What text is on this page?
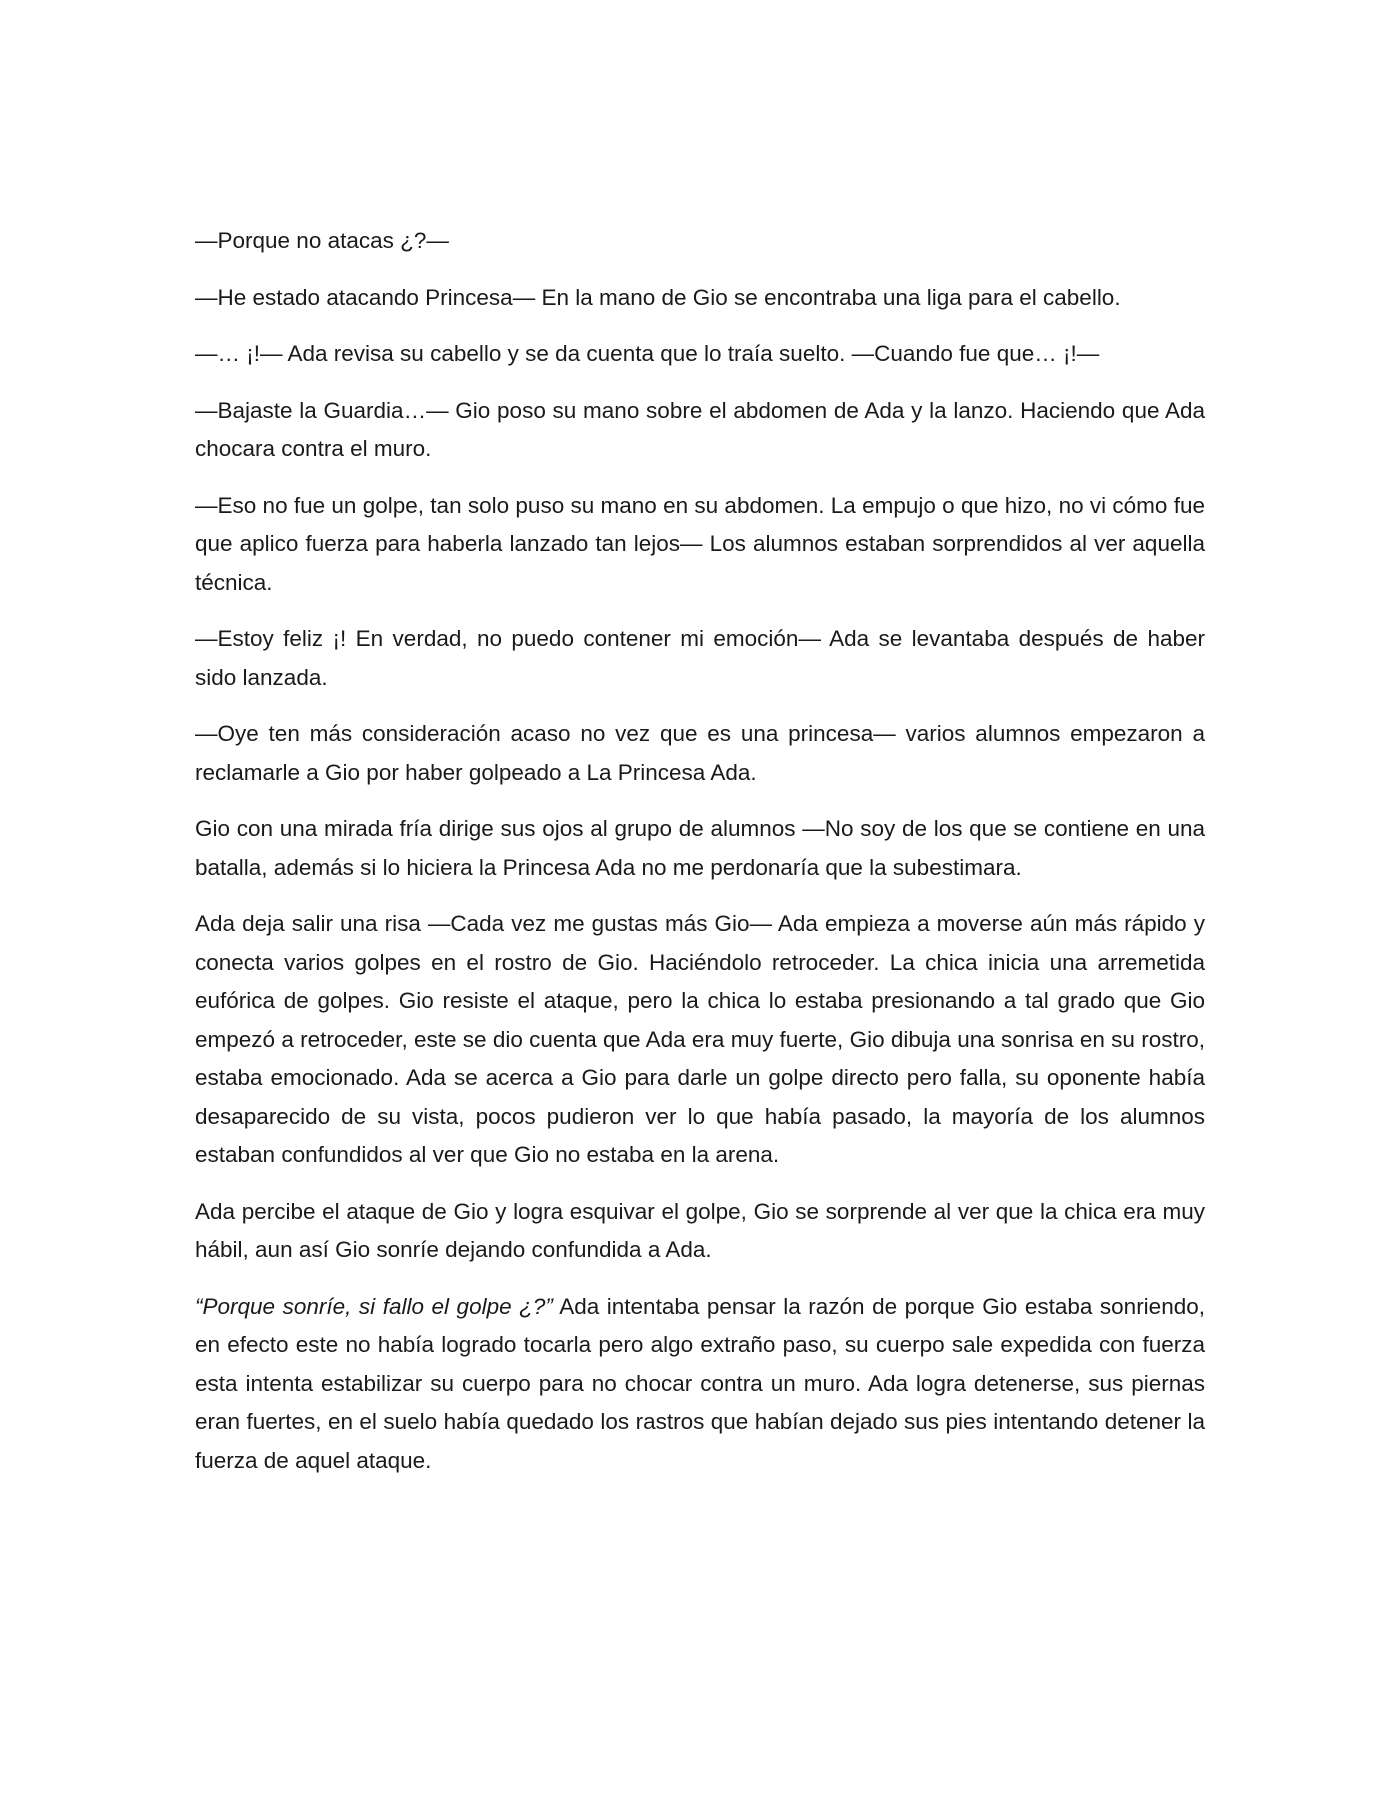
—Porque no atacas ¿?—

—He estado atacando Princesa— En la mano de Gio se encontraba una liga para el cabello.

—… ¡!— Ada revisa su cabello y se da cuenta que lo traía suelto. —Cuando fue que… ¡!—

—Bajaste la Guardia…— Gio poso su mano sobre el abdomen de Ada y la lanzo. Haciendo que Ada chocara contra el muro.

—Eso no fue un golpe, tan solo puso su mano en su abdomen. La empujo o que hizo, no vi cómo fue que aplico fuerza para haberla lanzado tan lejos— Los alumnos estaban sorprendidos al ver aquella técnica.

—Estoy feliz ¡! En verdad, no puedo contener mi emoción— Ada se levantaba después de haber sido lanzada.

—Oye ten más consideración acaso no vez que es una princesa— varios alumnos empezaron a reclamarle a Gio por haber golpeado a La Princesa Ada.

Gio con una mirada fría dirige sus ojos al grupo de alumnos —No soy de los que se contiene en una batalla, además si lo hiciera la Princesa Ada no me perdonaría que la subestimara.

Ada deja salir una risa —Cada vez me gustas más Gio— Ada empieza a moverse aún más rápido y conecta varios golpes en el rostro de Gio. Haciéndolo retroceder. La chica inicia una arremetida eufórica de golpes. Gio resiste el ataque, pero la chica lo estaba presionando a tal grado que Gio empezó a retroceder, este se dio cuenta que Ada era muy fuerte, Gio dibuja una sonrisa en su rostro, estaba emocionado. Ada se acerca a Gio para darle un golpe directo pero falla, su oponente había desaparecido de su vista, pocos pudieron ver lo que había pasado, la mayoría de los alumnos estaban confundidos al ver que Gio no estaba en la arena.

Ada percibe el ataque de Gio y logra esquivar el golpe, Gio se sorprende al ver que la chica era muy hábil, aun así Gio sonríe dejando confundida a Ada.

“Porque sonríe, si fallo el golpe ¿?” Ada intentaba pensar la razón de porque Gio estaba sonriendo, en efecto este no había logrado tocarla pero algo extraño paso, su cuerpo sale expedida con fuerza esta intenta estabilizar su cuerpo para no chocar contra un muro. Ada logra detenerse, sus piernas eran fuertes, en el suelo había quedado los rastros que habían dejado sus pies intentando detener la fuerza de aquel ataque.
